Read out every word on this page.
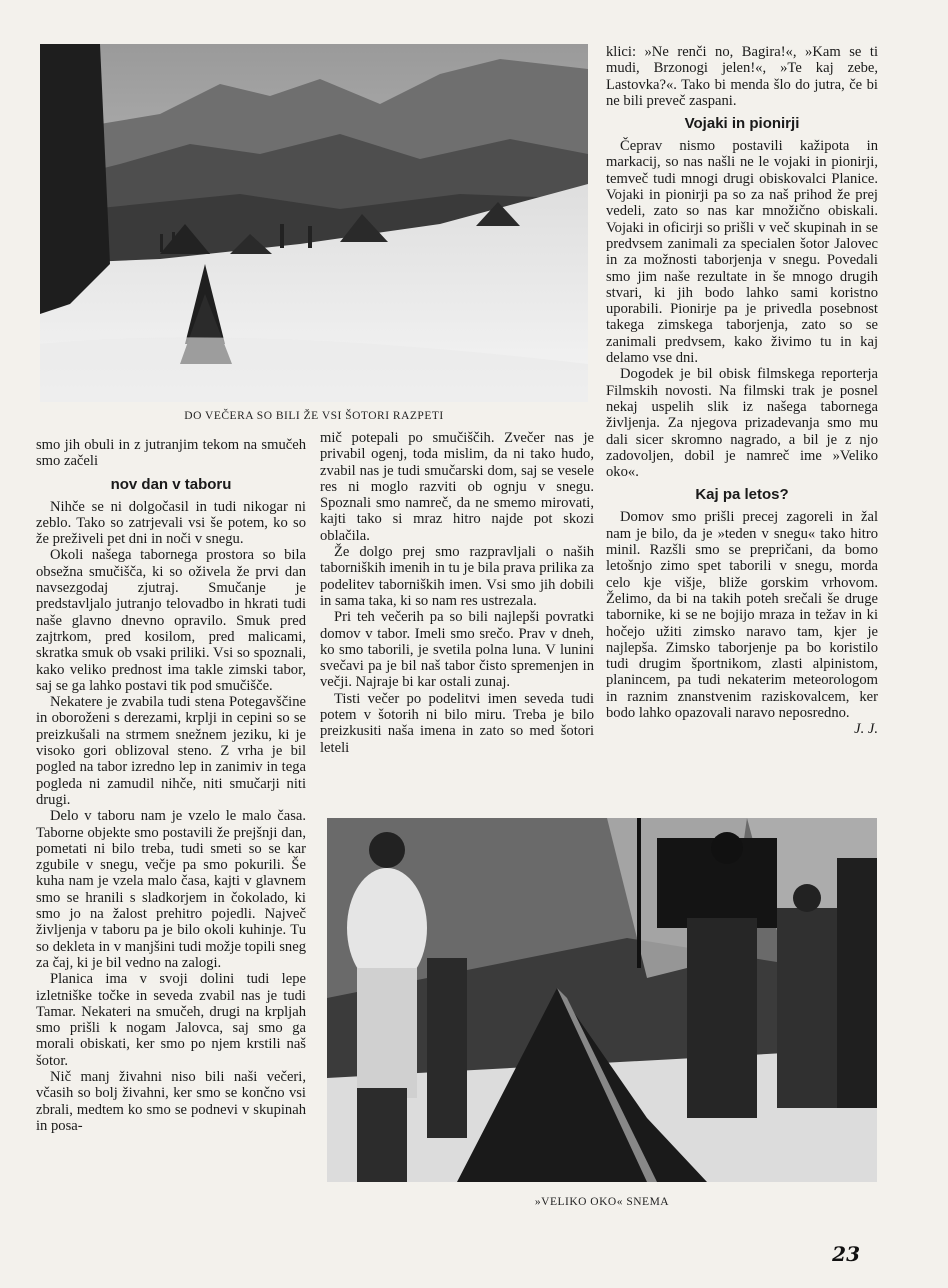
DO VEČERA SO BILI ŽE VSI ŠOTORI RAZPETI

smo jih obuli in z jutranjim tekom na smučeh smo začeli

nov dan v taboru

Nihče se ni dolgočasil in tudi nikogar ni zeblo. Tako so zatrjevali vsi še potem, ko so že preživeli pet dni in noči v snegu.

Okoli našega tabornega prostora so bila obsežna smučišča, ki so oživela že prvi dan navsezgodaj zjutraj. Smučanje je predstavljalo jutranjo telovadbo in hkrati tudi naše glavno dnevno opravilo. Smuk pred zajtrkom, pred kosilom, pred malicami, skratka smuk ob vsaki priliki. Vsi so spoznali, kako veliko prednost ima takle zimski tabor, saj se ga lahko postavi tik pod smučišče.

Nekatere je zvabila tudi stena Potegavščine in oboroženi s derezami, krplji in cepini so se preizkušali na strmem snežnem jeziku, ki je visoko gori oblizoval steno. Z vrha je bil pogled na tabor izredno lep in zanimiv in tega pogleda ni zamudil nihče, niti smučarji niti drugi.

Delo v taboru nam je vzelo le malo časa. Taborne objekte smo postavili že prejšnji dan, pometati ni bilo treba, tudi smeti so se kar zgubile v snegu, večje pa smo pokurili. Še kuha nam je vzela malo časa, kajti v glavnem smo se hranili s sladkorjem in čokolado, ki smo jo na žalost prehitro pojedli. Največ življenja v taboru pa je bilo okoli kuhinje. Tu so dekleta in v manjšini tudi možje topili sneg za čaj, ki je bil vedno na zalogi.

Planica ima v svoji dolini tudi lepe izletniške točke in seveda zvabil nas je tudi Tamar. Nekateri na smučeh, drugi na krpljah smo prišli k nogam Jalovca, saj smo ga morali obiskati, ker smo po njem krstili naš šotor.

Nič manj živahni niso bili naši večeri, včasih so bolj živahni, ker smo se končno vsi zbrali, medtem ko smo se podnevi v skupinah in posa-

mič potepali po smučiščih. Zvečer nas je privabil ogenj, toda mislim, da ni tako hudo, zvabil nas je tudi smučarski dom, saj se vesele res ni moglo razviti ob ognju v snegu. Spoznali smo namreč, da ne smemo mirovati, kajti tako si mraz hitro najde pot skozi oblačila.

Že dolgo prej smo razpravljali o naših taborniških imenih in tu je bila prava prilika za podelitev taborniških imen. Vsi smo jih dobili in sama taka, ki so nam res ustrezala.

Pri teh večerih pa so bili najlepši povratki domov v tabor. Imeli smo srečo. Prav v dneh, ko smo taborili, je svetila polna luna. V lunini svečavi pa je bil naš tabor čisto spremenjen in večji. Najraje bi kar ostali zunaj.

Tisti večer po podelitvi imen seveda tudi potem v šotorih ni bilo miru. Treba je bilo preizkusiti naša imena in zato so med šotori leteli

klici: »Ne renči no, Bagira!«, »Kam se ti mudi, Brzonogi jelen!«, »Te kaj zebe, Lastovka?«. Tako bi menda šlo do jutra, če bi ne bili preveč zaspani.

Vojaki in pionirji

Čeprav nismo postavili kažipota in markacij, so nas našli ne le vojaki in pionirji, temveč tudi mnogi drugi obiskovalci Planice. Vojaki in pionirji pa so za naš prihod že prej vedeli, zato so nas kar množično obiskali. Vojaki in oficirji so prišli v več skupinah in se predvsem zanimali za specialen šotor Jalovec in za možnosti taborjenja v snegu. Povedali smo jim naše rezultate in še mnogo drugih stvari, ki jih bodo lahko sami koristno uporabili. Pionirje pa je privedla posebnost takega zimskega taborjenja, zato so se zanimali predvsem, kako živimo tu in kaj delamo vse dni.

Dogodek je bil obisk filmskega reporterja Filmskih novosti. Na filmski trak je posnel nekaj uspelih slik iz našega tabornega življenja. Za njegova prizadevanja smo mu dali sicer skromno nagrado, a bil je z njo zadovoljen, dobil je namreč ime »Veliko oko«.

Kaj pa letos?

Domov smo prišli precej zagoreli in žal nam je bilo, da je »teden v snegu« tako hitro minil. Razšli smo se prepričani, da bomo letošnjo zimo spet taborili v snegu, morda celo kje višje, bliže gorskim vrhovom. Želimo, da bi na takih poteh srečali še druge tabornike, ki se ne bojijo mraza in težav in ki hočejo užiti zimsko naravo tam, kjer je najlepša. Zimsko taborjenje pa bo koristilo tudi drugim športnikom, zlasti alpinistom, planincem, pa tudi nekaterim meteorologom in raznim znanstvenim raziskovalcem, ker bodo lahko opazovali naravo neposredno.
J. J.

»VELIKO OKO« SNEMA
23
